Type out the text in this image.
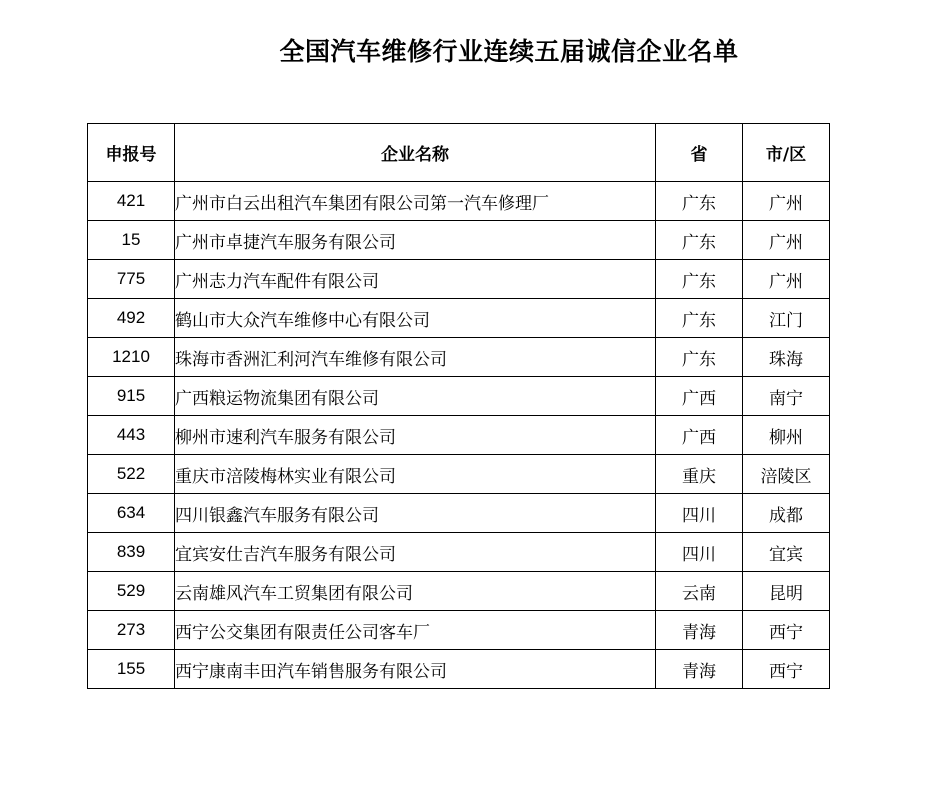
全国汽车维修行业连续五届诚信企业名单
申报号	企业名称	省	市/区
421	广州市白云出租汽车集团有限公司第一汽车修理厂	广东	广州
15	广州市卓捷汽车服务有限公司	广东	广州
775	广州志力汽车配件有限公司	广东	广州
492	鹤山市大众汽车维修中心有限公司	广东	江门
1210	珠海市香洲汇利河汽车维修有限公司	广东	珠海
915	广西粮运物流集团有限公司	广西	南宁
443	柳州市速利汽车服务有限公司	广西	柳州
522	重庆市涪陵梅林实业有限公司	重庆	涪陵区
634	四川银鑫汽车服务有限公司	四川	成都
839	宜宾安仕吉汽车服务有限公司	四川	宜宾
529	云南雄风汽车工贸集团有限公司	云南	昆明
273	西宁公交集团有限责任公司客车厂	青海	西宁
155	西宁康南丰田汽车销售服务有限公司	青海	西宁
